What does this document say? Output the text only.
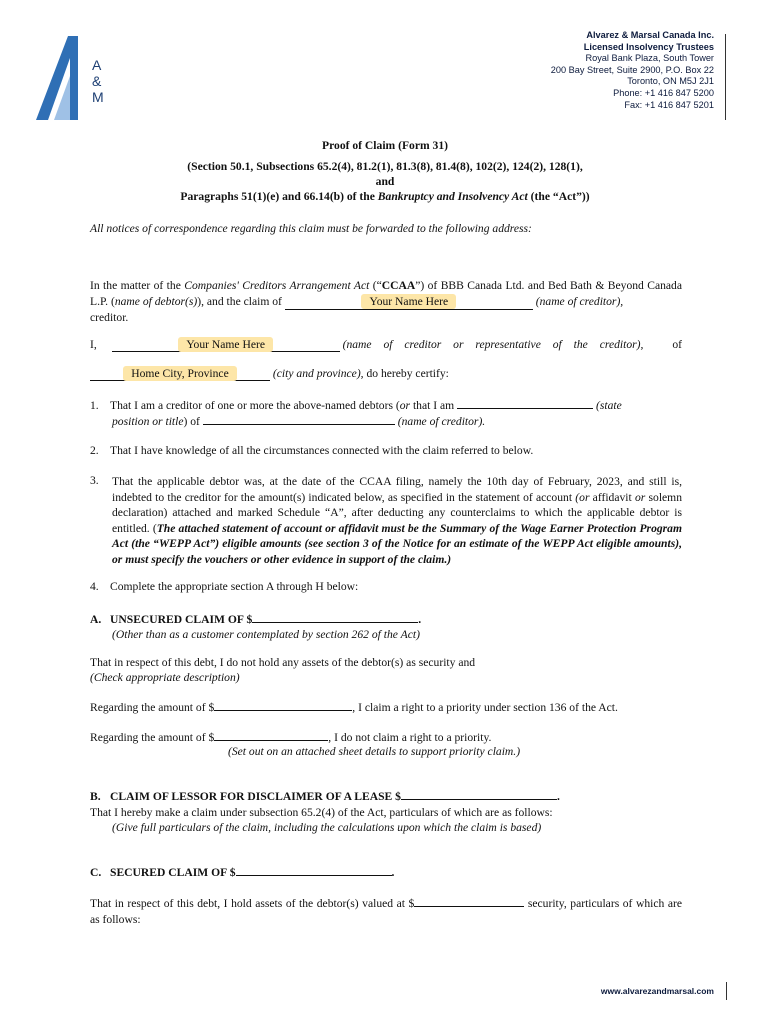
A
&
M
Alvarez & Marsal Canada Inc.
Licensed Insolvency Trustees
Royal Bank Plaza, South Tower
200 Bay Street, Suite 2900, P.O. Box 22
Toronto, ON M5J 2J1
Phone: +1 416 847 5200
Fax: +1 416 847 5201
Proof of Claim (Form 31)
(Section 50.1, Subsections 65.2(4), 81.2(1), 81.3(8), 81.4(8), 102(2), 124(2), 128(1),
and
Paragraphs 51(1)(e) and 66.14(b) of the Bankruptcy and Insolvency Act (the “Act”))
All notices of correspondence regarding this claim must be forwarded to the following address:
In the matter of the Companies' Creditors Arrangement Act (“CCAA”) of BBB Canada Ltd. and Bed Bath & Beyond Canada L.P. (name of debtor(s)), and the claim of	Your Name Here	(name of creditor),
creditor.
I,	Your Name Here	(name of creditor or representative of the creditor), of
Home City, Province	(city and province), do hereby certify:
1. That I am a creditor of one or more the above-named debtors (or that I am	(state
position or title) of	(name of creditor).
2. That I have knowledge of all the circumstances connected with the claim referred to below.
3. That the applicable debtor was, at the date of the CCAA filing, namely the 10th day of February, 2023, and still is, indebted to the creditor for the amount(s) indicated below, as specified in the statement of account (or affidavit or solemn declaration) attached and marked Schedule “A”, after deducting any counterclaims to which the applicable debtor is entitled. (The attached statement of account or affidavit must be the Summary of the Wage Earner Protection Program Act (the “WEPP Act”) eligible amounts (see section 3 of the Notice for an estimate of the WEPP Act eligible amounts), or must specify the vouchers or other evidence in support of the claim.)
4. Complete the appropriate section A through H below:
A. UNSECURED CLAIM OF $	.
(Other than as a customer contemplated by section 262 of the Act)
That in respect of this debt, I do not hold any assets of the debtor(s) as security and
(Check appropriate description)
Regarding the amount of $	, I claim a right to a priority under section 136 of the Act.
Regarding the amount of $	, I do not claim a right to a priority.
(Set out on an attached sheet details to support priority claim.)
B. CLAIM OF LESSOR FOR DISCLAIMER OF A LEASE $	.
That I hereby make a claim under subsection 65.2(4) of the Act, particulars of which are as follows:
(Give full particulars of the claim, including the calculations upon which the claim is based)
C. SECURED CLAIM OF $	.
That in respect of this debt, I hold assets of the debtor(s) valued at $	security, particulars of which are as follows:
www.alvarezandmarsal.com
